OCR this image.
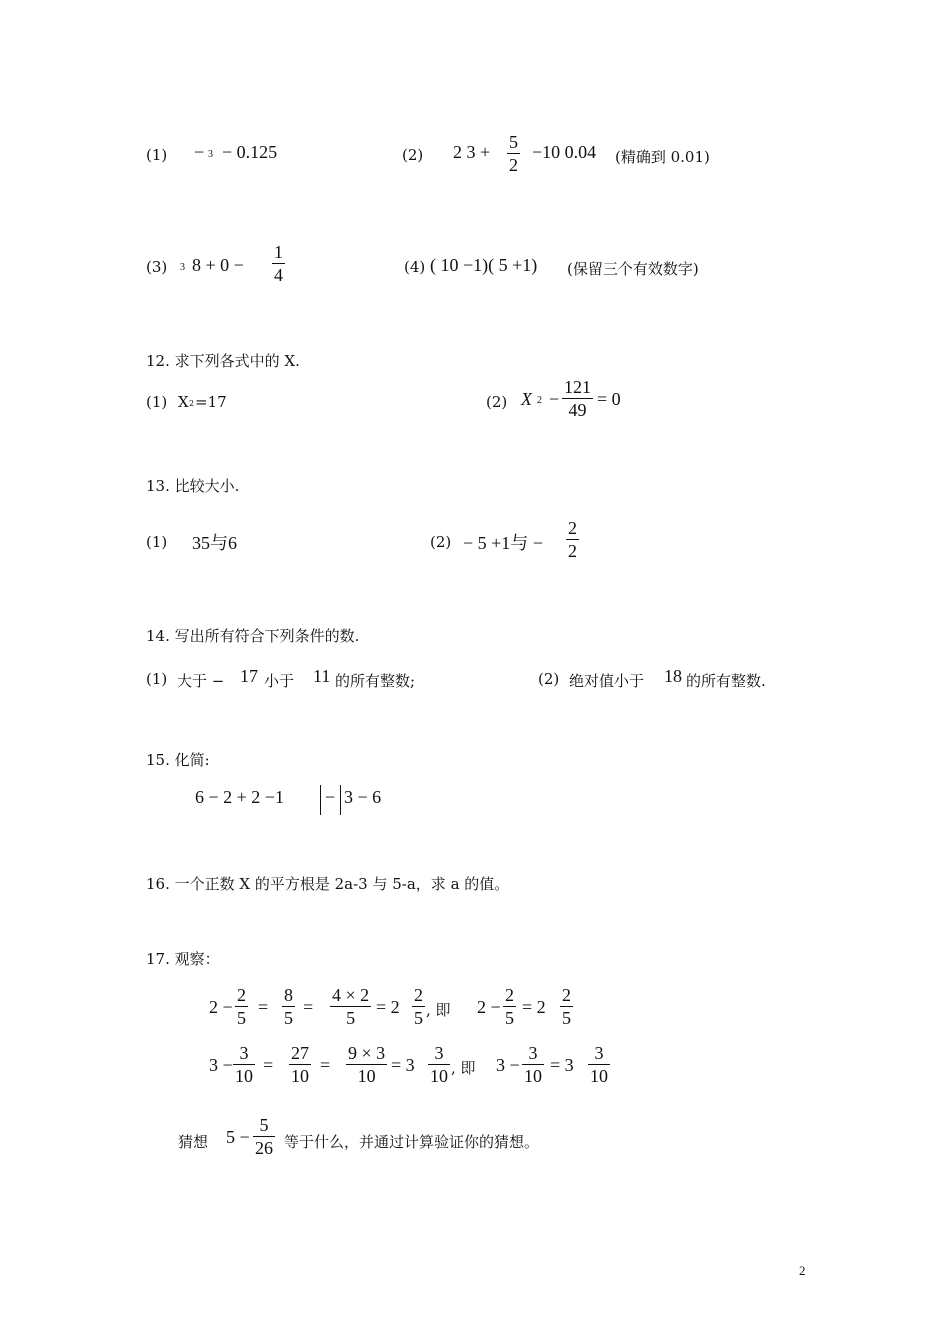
(1) − 3 − 0.125	(2) 2 3 + 5
2
−10 0.04 (精确到 0.01)
(3) 3 8 + 0 −
1
4	(4) ( 10 −1)( 5 +1) (保留三个有效数字)
12. 求下列各式中的 X.
(1) X 2 =17	(2) X 2 −
121
49
= 0
13. 比较大小.
(1) 35与6	(2) − 5 +1与 −
2
2
14. 写出所有符合下列条件的数.
(1) 大于 − 17 小于 11 的所有整数;	(2) 绝对值小于 18 的所有整数.
15. 化简:
6 − 2 + 2 −1 − 3 − 6
16. 一个正数 X 的平方根是 2a-3 与 5-a，求 a 的值。
17. 观察：
2 −
2
5
=
8
5
=
4 × 2
5
= 2
2
5 , 即 2 −
2
5
= 2
2
5
3 −
3
10
=
27
10
=
9 × 3
10
= 3
3
10 , 即 3 −
3
10
= 3
3
10
猜想 5 −
5
26 等于什么，并通过计算验证你的猜想。
2
